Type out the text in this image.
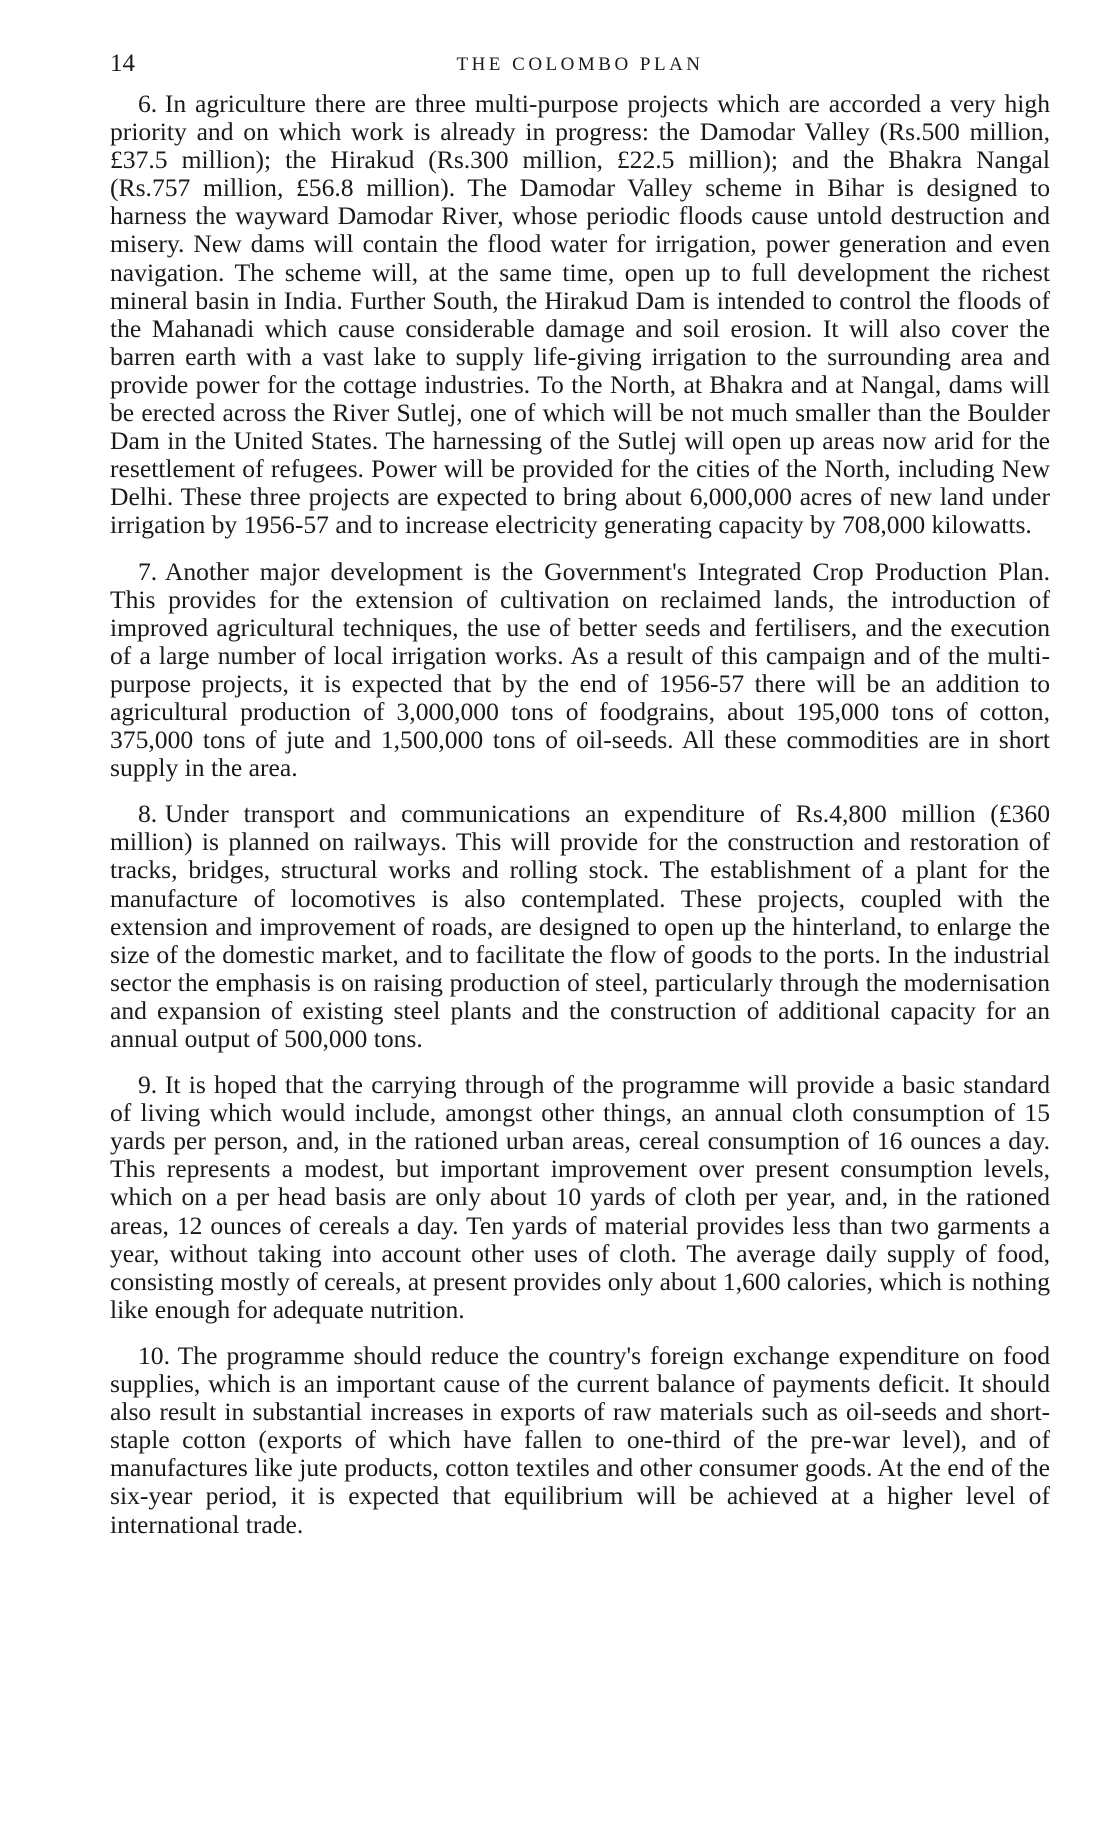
14	THE COLOMBO PLAN

6. In agriculture there are three multi-purpose projects which are accorded a very high priority and on which work is already in progress: the Damodar Valley (Rs.500 million, £37.5 million); the Hirakud (Rs.300 million, £22.5 million); and the Bhakra Nangal (Rs.757 million, £56.8 million). The Damodar Valley scheme in Bihar is designed to harness the wayward Damodar River, whose periodic floods cause untold destruction and misery. New dams will contain the flood water for irrigation, power generation and even navigation. The scheme will, at the same time, open up to full development the richest mineral basin in India. Further South, the Hirakud Dam is intended to control the floods of the Mahanadi which cause considerable damage and soil erosion. It will also cover the barren earth with a vast lake to supply life-giving irrigation to the surrounding area and provide power for the cottage industries. To the North, at Bhakra and at Nangal, dams will be erected across the River Sutlej, one of which will be not much smaller than the Boulder Dam in the United States. The harnessing of the Sutlej will open up areas now arid for the resettlement of refugees. Power will be provided for the cities of the North, including New Delhi. These three projects are expected to bring about 6,000,000 acres of new land under irrigation by 1956-57 and to increase electricity generating capacity by 708,000 kilowatts.

7. Another major development is the Government's Integrated Crop Production Plan. This provides for the extension of cultivation on reclaimed lands, the introduction of improved agricultural techniques, the use of better seeds and fertilisers, and the execution of a large number of local irrigation works. As a result of this campaign and of the multi-purpose projects, it is expected that by the end of 1956-57 there will be an addition to agricultural production of 3,000,000 tons of foodgrains, about 195,000 tons of cotton, 375,000 tons of jute and 1,500,000 tons of oil-seeds. All these commodities are in short supply in the area.

8. Under transport and communications an expenditure of Rs.4,800 million (£360 million) is planned on railways. This will provide for the construction and restoration of tracks, bridges, structural works and rolling stock. The establishment of a plant for the manufacture of locomotives is also contemplated. These projects, coupled with the extension and improvement of roads, are designed to open up the hinterland, to enlarge the size of the domestic market, and to facilitate the flow of goods to the ports. In the industrial sector the emphasis is on raising production of steel, particularly through the modernisation and expansion of existing steel plants and the construction of additional capacity for an annual output of 500,000 tons.

9. It is hoped that the carrying through of the programme will provide a basic standard of living which would include, amongst other things, an annual cloth consumption of 15 yards per person, and, in the rationed urban areas, cereal consumption of 16 ounces a day. This represents a modest, but important improvement over present consumption levels, which on a per head basis are only about 10 yards of cloth per year, and, in the rationed areas, 12 ounces of cereals a day. Ten yards of material provides less than two garments a year, without taking into account other uses of cloth. The average daily supply of food, consisting mostly of cereals, at present provides only about 1,600 calories, which is nothing like enough for adequate nutrition.

10. The programme should reduce the country's foreign exchange expenditure on food supplies, which is an important cause of the current balance of payments deficit. It should also result in substantial increases in exports of raw materials such as oil-seeds and short-staple cotton (exports of which have fallen to one-third of the pre-war level), and of manufactures like jute products, cotton textiles and other consumer goods. At the end of the six-year period, it is expected that equilibrium will be achieved at a higher level of international trade.
